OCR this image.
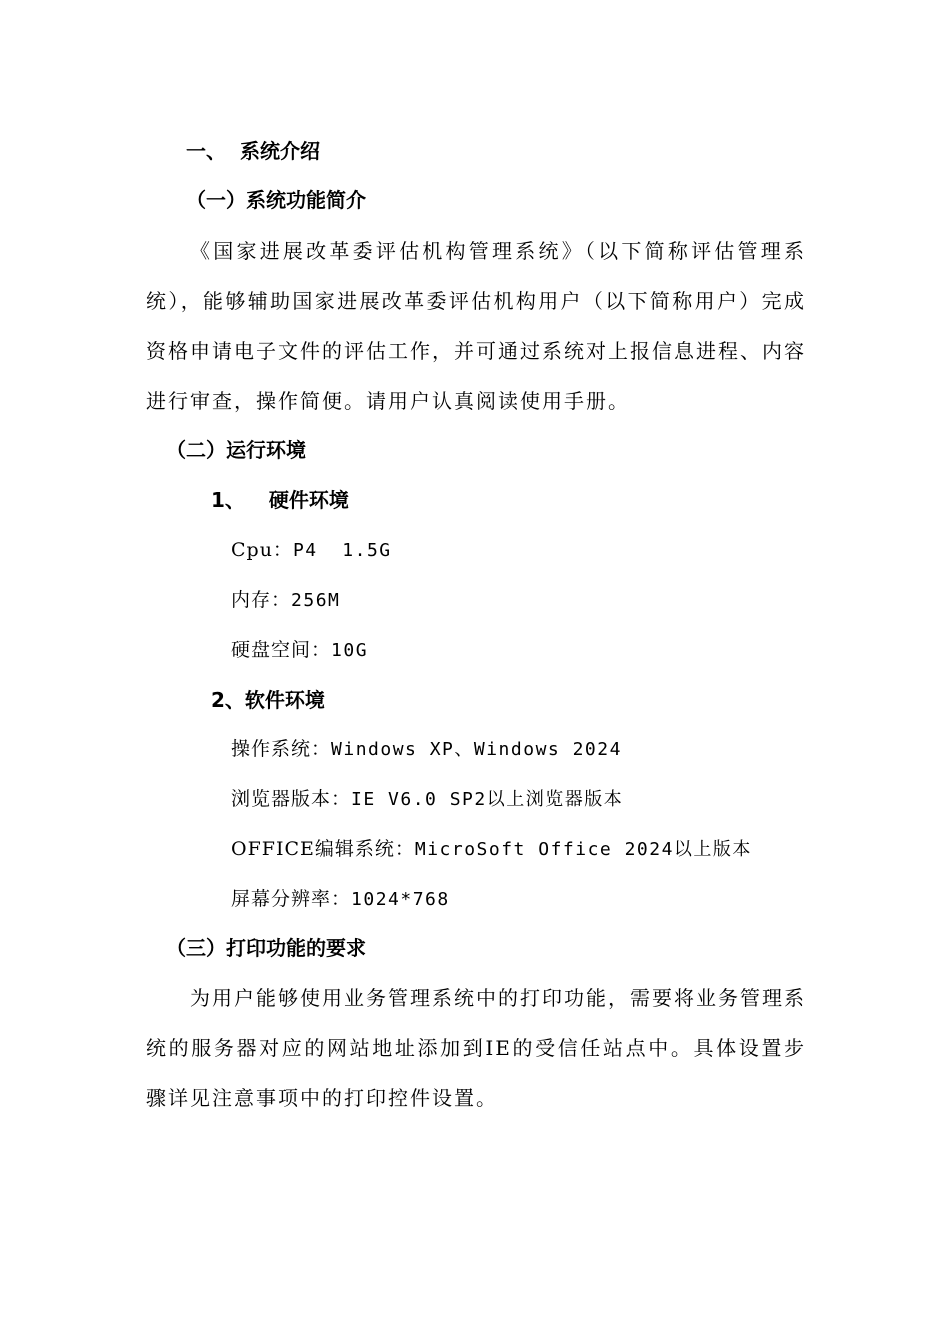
一、 系统介绍
（一）系统功能简介
《国家进展改革委评估机构管理系统》（以下简称评估管理系统），能够辅助国家进展改革委评估机构用户（以下简称用户）完成资格申请电子文件的评估工作，并可通过系统对上报信息进程、内容进行审查，操作简便。请用户认真阅读使用手册。
（二）运行环境
1、 硬件环境
Cpu：P4  1.5G
内存：256M
硬盘空间：10G
2、软件环境
操作系统：Windows XP、Windows 2024
浏览器版本：IE V6.0 SP2以上浏览器版本
OFFICE编辑系统：MicroSoft Office 2024以上版本
屏幕分辨率：1024*768
（三）打印功能的要求
为用户能够使用业务管理系统中的打印功能，需要将业务管理系统的服务器对应的网站地址添加到IE的受信任站点中。具体设置步骤详见注意事项中的打印控件设置。
